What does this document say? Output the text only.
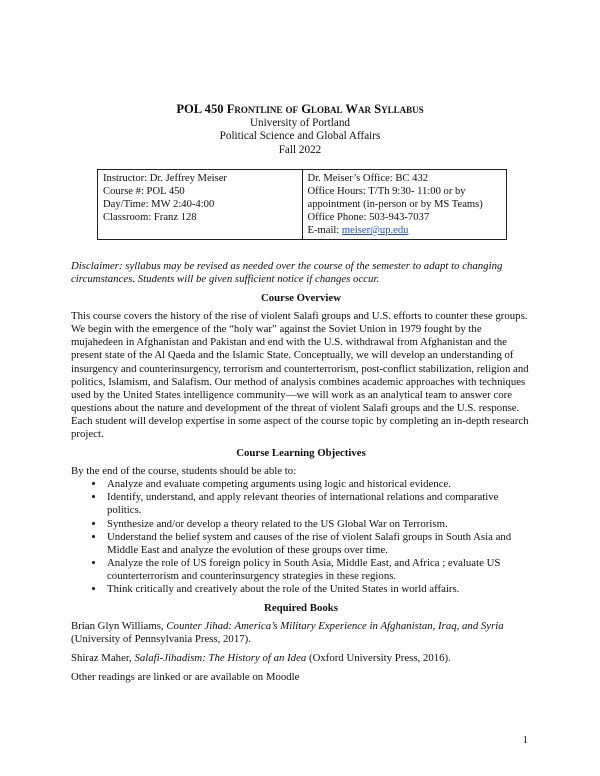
POL 450 Frontline of Global War Syllabus
University of Portland
Political Science and Global Affairs
Fall 2022
Instructor: Dr. Jeffrey Meiser
Course #: POL 450
Day/Time: MW 2:40-4:00
Classroom: Franz 128

Dr. Meiser’s Office: BC 432
Office Hours: T/Th 9:30- 11:00 or by appointment (in-person or by MS Teams)
Office Phone: 503-943-7037
E-mail: meiser@up.edu

Disclaimer: syllabus may be revised as needed over the course of the semester to adapt to changing circumstances. Students will be given sufficient notice if changes occur.

Course Overview

This course covers the history of the rise of violent Salafi groups and U.S. efforts to counter these groups. We begin with the emergence of the “holy war” against the Soviet Union in 1979 fought by the mujahedeen in Afghanistan and Pakistan and end with the U.S. withdrawal from Afghanistan and the present state of the Al Qaeda and the Islamic State. Conceptually, we will develop an understanding of insurgency and counterinsurgency, terrorism and counterterrorism, post-conflict stabilization, religion and politics, Islamism, and Salafism. Our method of analysis combines academic approaches with techniques used by the United States intelligence community—we will work as an analytical team to answer core questions about the nature and development of the threat of violent Salafi groups and the U.S. response. Each student will develop expertise in some aspect of the course topic by completing an in-depth research project.

Course Learning Objectives
By the end of the course, students should be able to:
• Analyze and evaluate competing arguments using logic and historical evidence.
• Identify, understand, and apply relevant theories of international relations and comparative politics.
• Synthesize and/or develop a theory related to the US Global War on Terrorism.
• Understand the belief system and causes of the rise of violent Salafi groups in South Asia and Middle East and analyze the evolution of these groups over time.
• Analyze the role of US foreign policy in South Asia, Middle East, and Africa ; evaluate US counterterrorism and counterinsurgency strategies in these regions.
• Think critically and creatively about the role of the United States in world affairs.
Required Books

Brian Glyn Williams, Counter Jihad: America’s Military Experience in Afghanistan, Iraq, and Syria (University of Pennsylvania Press, 2017).

Shiraz Maher, Salafi-Jihadism: The History of an Idea (Oxford University Press, 2016).

Other readings are linked or are available on Moodle

1
